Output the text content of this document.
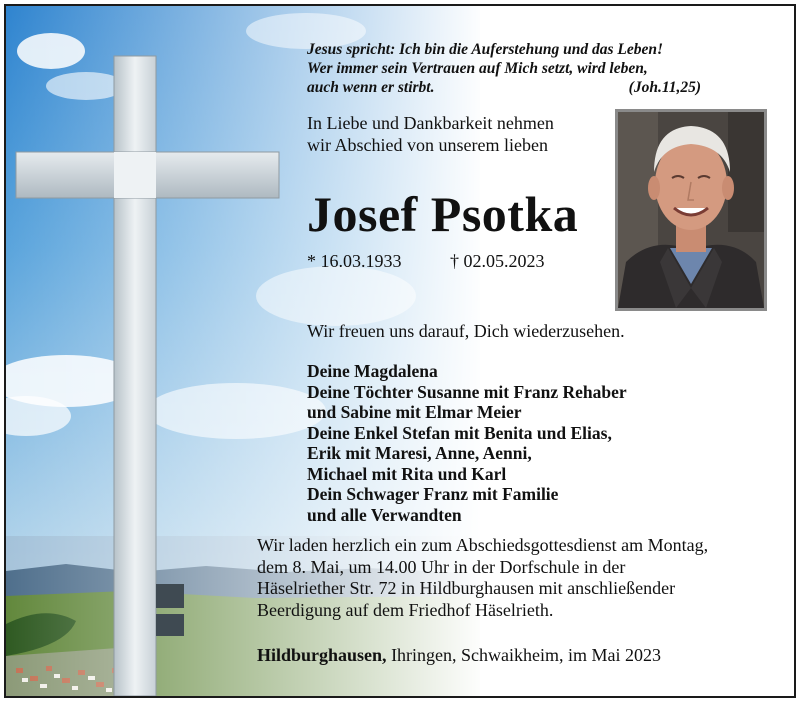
Jesus spricht: Ich bin die Auferstehung und das Leben!
Wer immer sein Vertrauen auf Mich setzt, wird leben,
auch wenn er stirbt.	(Joh.11,25)
In Liebe und Dankbarkeit nehmen
wir Abschied von unserem lieben
Josef Psotka
* 16.03.1933	† 02.05.2023
Wir freuen uns darauf, Dich wiederzusehen.
Deine Magdalena
Deine Töchter Susanne mit Franz Rehaber
und Sabine mit Elmar Meier
Deine Enkel Stefan mit Benita und Elias,
Erik mit Maresi, Anne, Aenni,
Michael mit Rita und Karl
Dein Schwager Franz mit Familie
und alle Verwandten
Wir laden herzlich ein zum Abschiedsgottesdienst am Montag,
dem 8. Mai, um 14.00 Uhr in der Dorfschule in der
Häselriether Str. 72 in Hildburghausen mit anschließender
Beerdigung auf dem Friedhof Häselrieth.
Hildburghausen, Ihringen, Schwaikheim, im Mai 2023
